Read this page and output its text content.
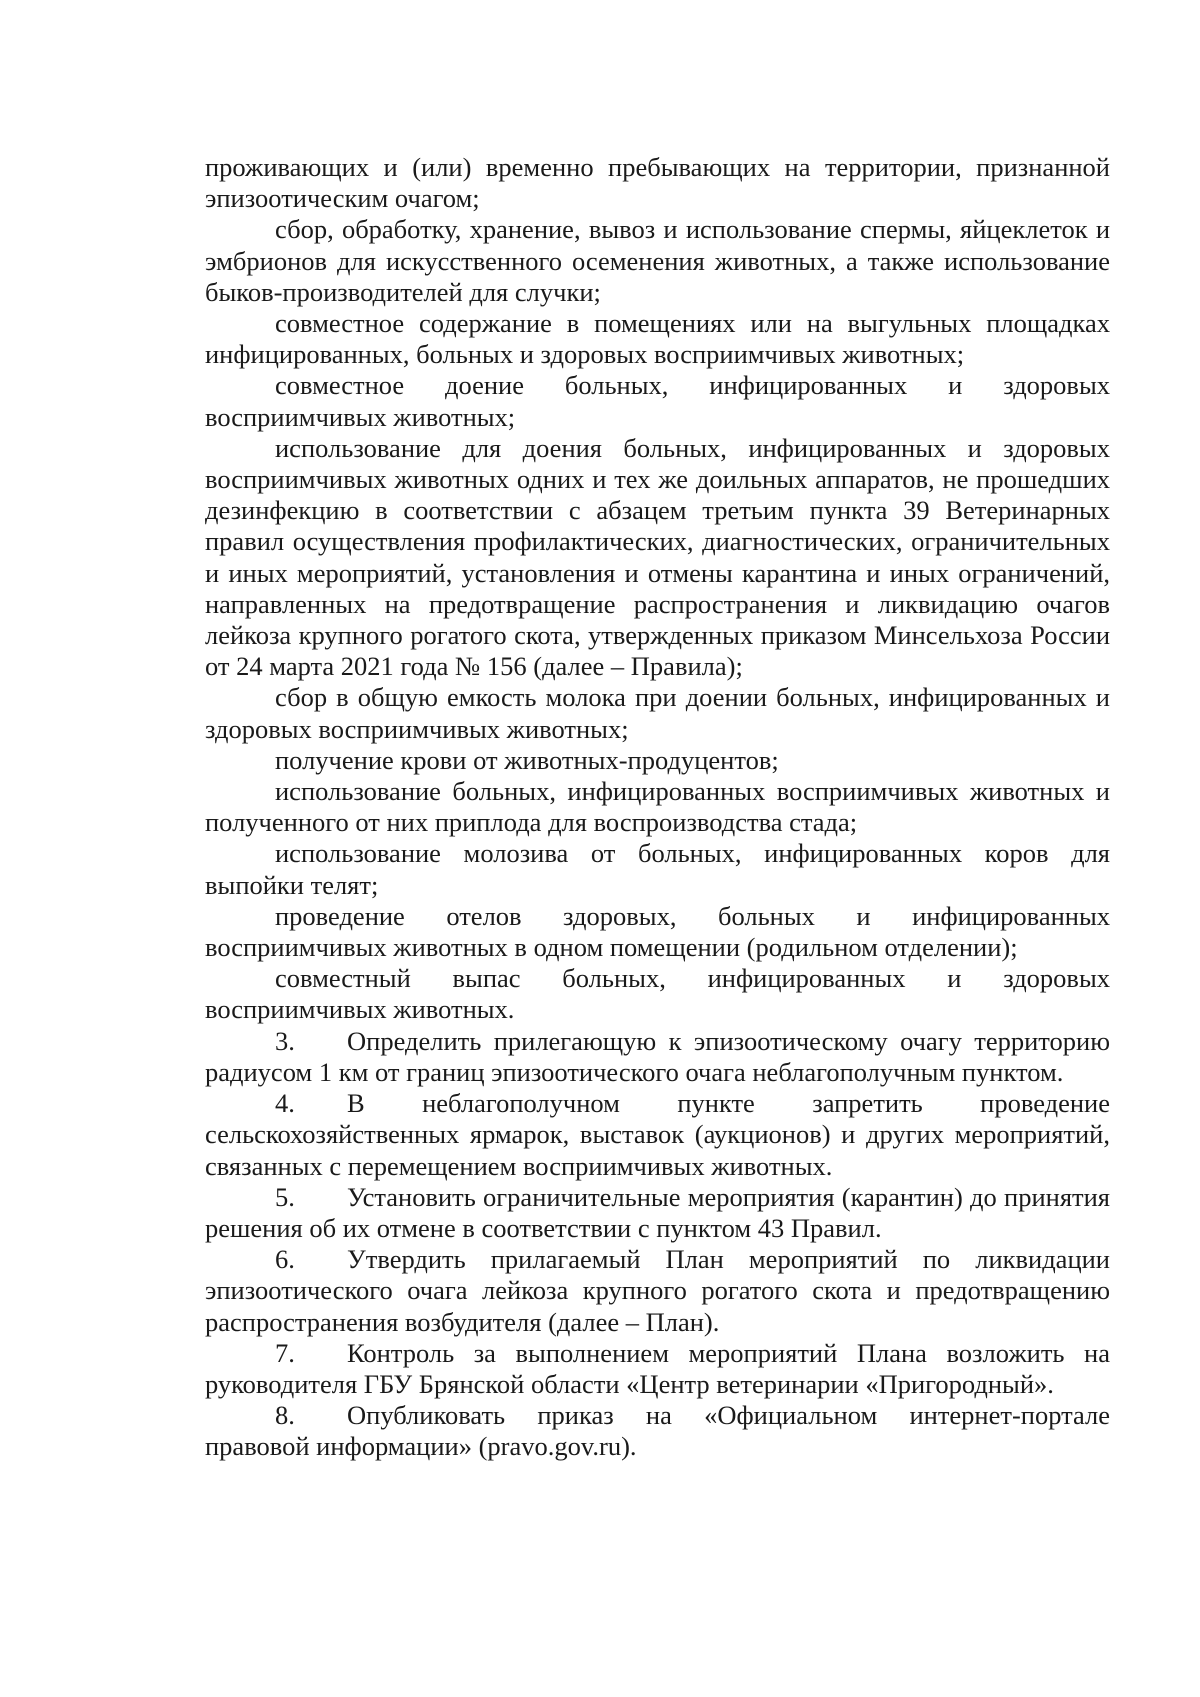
проживающих и (или) временно пребывающих на территории, признанной эпизоотическим очагом;

сбор, обработку, хранение, вывоз и использование спермы, яйцеклеток и эмбрионов для искусственного осеменения животных, а также использование быков-производителей для случки;

совместное содержание в помещениях или на выгульных площадках инфицированных, больных и здоровых восприимчивых животных;

совместное доение больных, инфицированных и здоровых восприимчивых животных;

использование для доения больных, инфицированных и здоровых восприимчивых животных одних и тех же доильных аппаратов, не прошедших дезинфекцию в соответствии с абзацем третьим пункта 39 Ветеринарных правил осуществления профилактических, диагностических, ограничительных и иных мероприятий, установления и отмены карантина и иных ограничений, направленных на предотвращение распространения и ликвидацию очагов лейкоза крупного рогатого скота, утвержденных приказом Минсельхоза России от 24 марта 2021 года № 156 (далее – Правила);

сбор в общую емкость молока при доении больных, инфицированных и здоровых восприимчивых животных;

получение крови от животных-продуцентов;

использование больных, инфицированных восприимчивых животных и полученного от них приплода для воспроизводства стада;

использование молозива от больных, инфицированных коров для выпойки телят;

проведение отелов здоровых, больных и инфицированных восприимчивых животных в одном помещении (родильном отделении);

совместный выпас больных, инфицированных и здоровых восприимчивых животных.

3. Определить прилегающую к эпизоотическому очагу территорию радиусом 1 км от границ эпизоотического очага неблагополучным пунктом.

4. В неблагополучном пункте запретить проведение сельскохозяйственных ярмарок, выставок (аукционов) и других мероприятий, связанных с перемещением восприимчивых животных.

5. Установить ограничительные мероприятия (карантин) до принятия решения об их отмене в соответствии с пунктом 43 Правил.

6. Утвердить прилагаемый План мероприятий по ликвидации эпизоотического очага лейкоза крупного рогатого скота и предотвращению распространения возбудителя (далее – План).

7. Контроль за выполнением мероприятий Плана возложить на руководителя ГБУ Брянской области «Центр ветеринарии «Пригородный».

8. Опубликовать приказ на «Официальном интернет-портале правовой информации» (pravo.gov.ru).
